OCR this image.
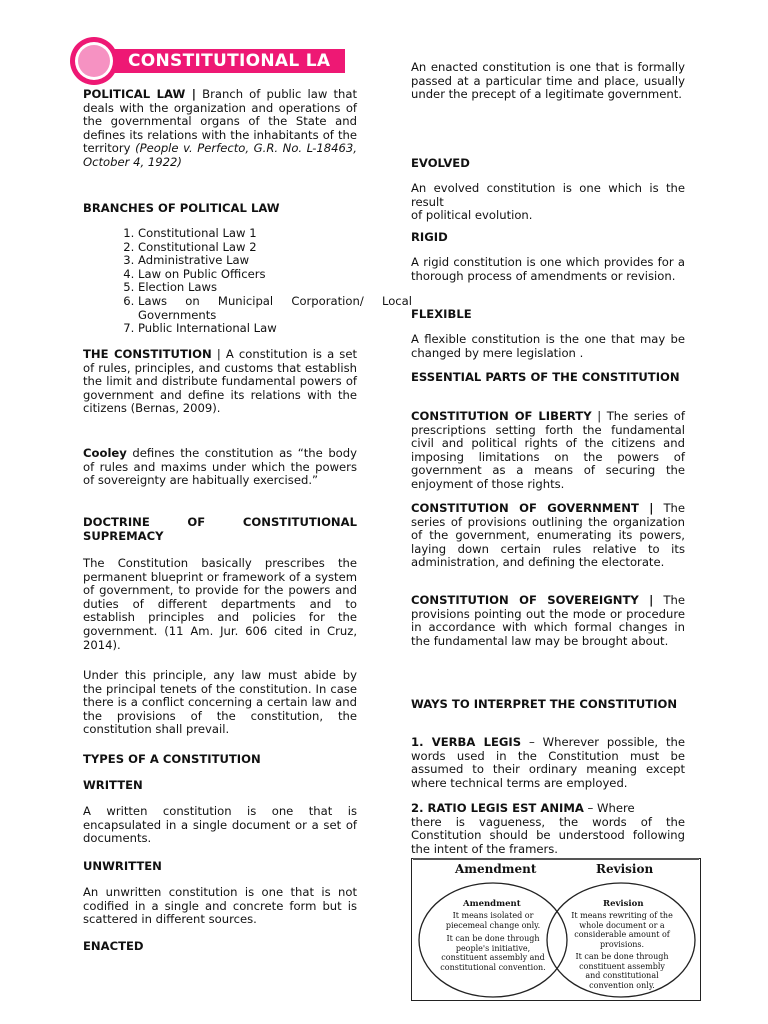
CONSTITUTIONAL LA

POLITICAL LAW | Branch of public law that deals with the organization and operations of the governmental organs of the State and defines its relations with the inhabitants of the territory (People v. Perfecto, G.R. No. L-18463, October 4, 1922)

BRANCHES OF POLITICAL LAW

1. Constitutional Law 1
2. Constitutional Law 2
3. Administrative Law
4. Law on Public Officers
5. Election Laws
6. Laws on Municipal Corporation/ Local Governments
7. Public International Law

THE CONSTITUTION | A constitution is a set of rules, principles, and customs that establish the limit and distribute fundamental powers of government and define its relations with the citizens (Bernas, 2009).

Cooley defines the constitution as “the body of rules and maxims under which the powers of sovereignty are habitually exercised.”

DOCTRINE OF CONSTITUTIONAL SUPREMACY

The Constitution basically prescribes the permanent blueprint or framework of a system of government, to provide for the powers and duties of different departments and to establish principles and policies for the government. (11 Am. Jur. 606 cited in Cruz, 2014).

Under this principle, any law must abide by the principal tenets of the constitution. In case there is a conflict concerning a certain law and the provisions of the constitution, the constitution shall prevail.

TYPES OF A CONSTITUTION

WRITTEN

A written constitution is one that is encapsulated in a single document or a set of documents.

UNWRITTEN

An unwritten constitution is one that is not codified in a single and concrete form but is scattered in different sources.

ENACTED

An enacted constitution is one that is formally passed at a particular time and place, usually under the precept of a legitimate government.

EVOLVED

An evolved constitution is one which is the result
of political evolution.

RIGID

A rigid constitution is one which provides for a thorough process of amendments or revision.

FLEXIBLE

A flexible constitution is the one that may be changed by mere legislation .

ESSENTIAL PARTS OF THE CONSTITUTION

CONSTITUTION OF LIBERTY | The series of prescriptions setting forth the fundamental civil and political rights of the citizens and imposing limitations on the powers of government as a means of securing the enjoyment of those rights.

CONSTITUTION OF GOVERNMENT | The series of provisions outlining the organization of the government, enumerating its powers, laying down certain rules relative to its administration, and defining the electorate.

CONSTITUTION OF SOVEREIGNTY | The provisions pointing out the mode or procedure in accordance with which formal changes in the fundamental law may be brought about.

WAYS TO INTERPRET THE CONSTITUTION

1. VERBA LEGIS – Wherever possible, the words used in the Constitution must be assumed to their ordinary meaning except where technical terms are employed.

2. RATIO LEGIS EST ANIMA – Where
there is vagueness, the words of the Constitution should be understood following the intent of the framers.

Amendment	Revision
Amendment
It means isolated or piecemeal change only.
It can be done through people's initiative, constituent assembly and constitutional convention.
Revision
It means rewriting of the whole document or a considerable amount of provisions.
It can be done through constituent assembly and constitutional convention only.
